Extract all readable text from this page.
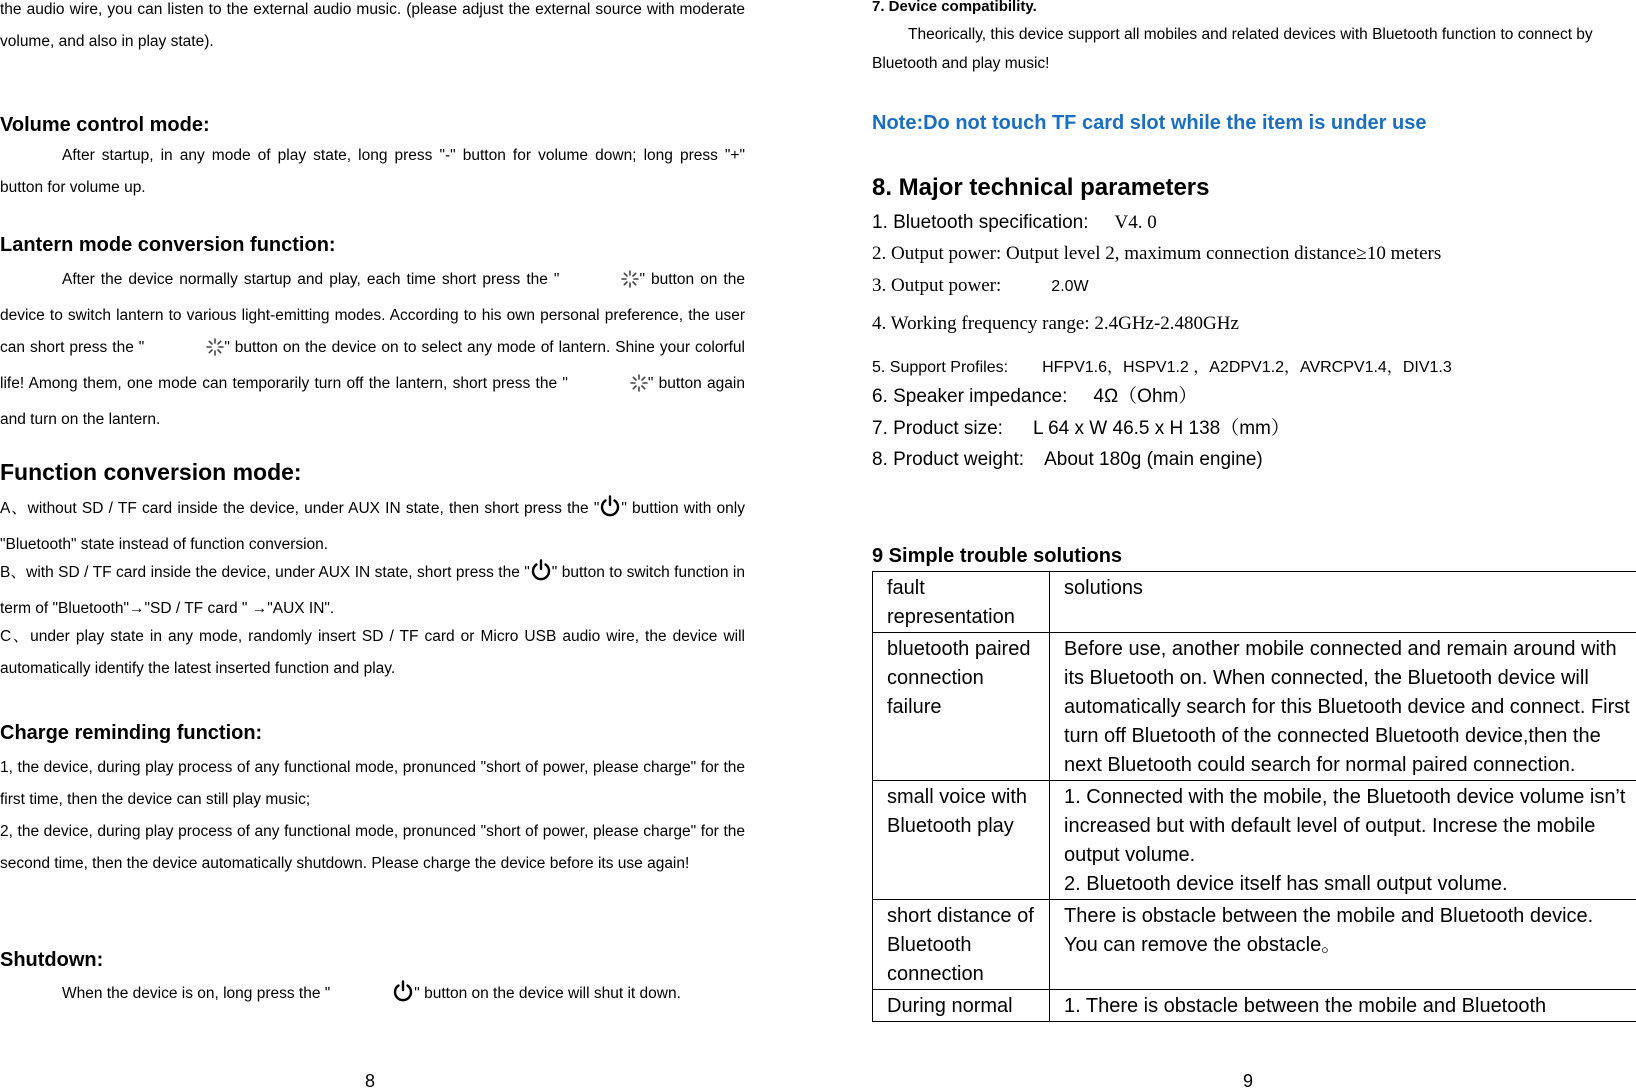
the audio wire, you can listen to the external audio music. (please adjust the external source with moderate volume, and also in play state).

Volume control mode:

After startup, in any mode of play state, long press "-" button for volume down; long press "+" button for volume up.

Lantern mode conversion function:

After the device normally startup and play, each time short press the "	" button on the device to switch lantern to various light-emitting modes. According to his own personal preference, the user can short press the "	" button on the device on to select any mode of lantern. Shine your colorful life! Among them, one mode can temporarily turn off the lantern, short press the "	" button again and turn on the lantern.

Function conversion mode:

A、without SD / TF card inside the device, under AUX IN state, then short press the " " buttion with only "Bluetooth" state instead of function conversion.

B、with SD / TF card inside the device, under AUX IN state, short press the " " button to switch function in term of "Bluetooth"→"SD / TF card " →"AUX IN".

C、under play state in any mode, randomly insert SD / TF card or Micro USB audio wire, the device will automatically identify the latest inserted function and play.

Charge reminding function:

1, the device, during play process of any functional mode, pronunced "short of power, please charge" for the first time, then the device can still play music;

2, the device, during play process of any functional mode, pronunced "short of power, please charge" for the second time, then the device automatically shutdown. Please charge the device before its use again!

Shutdown:

When the device is on, long press the "	" button on the device will shut it down.

8
7. Device compatibility.

Theorically, this device support all mobiles and related devices with Bluetooth function to connect by Bluetooth and play music!

Note:Do not touch TF card slot while the item is under use
8. Major technical parameters
1. Bluetooth specification: V4. 0
2. Output power: Output level 2, maximum connection distance≥10 meters
3. Output power:	2.0W
4. Working frequency range: 2.4GHz-2.480GHz
5. Support Profiles: HFPV1.6，HSPV1.2 ，A2DPV1.2，AVRCPV1.4，DIV1.3
6. Speaker impedance: 4Ω（Ohm）
7. Product size: L 64 x W 46.5 x H 138（mm）
8. Product weight: About 180g (main engine)
9 Simple trouble solutions
fault representation	solutions
bluetooth paired connection failure	Before use, another mobile connected and remain around with its Bluetooth on. When connected, the Bluetooth device will automatically search for this Bluetooth device and connect. First turn off Bluetooth of the connected Bluetooth device,then the next Bluetooth could search for normal paired connection.
small voice with Bluetooth play	1. Connected with the mobile, the Bluetooth device volume isn’t increased but with default level of output. Increse the mobile output volume.
2. Bluetooth device itself has small output volume.
short distance of Bluetooth connection	There is obstacle between the mobile and Bluetooth device. You can remove the obstacle。
During normal	1. There is obstacle between the mobile and Bluetooth
9
